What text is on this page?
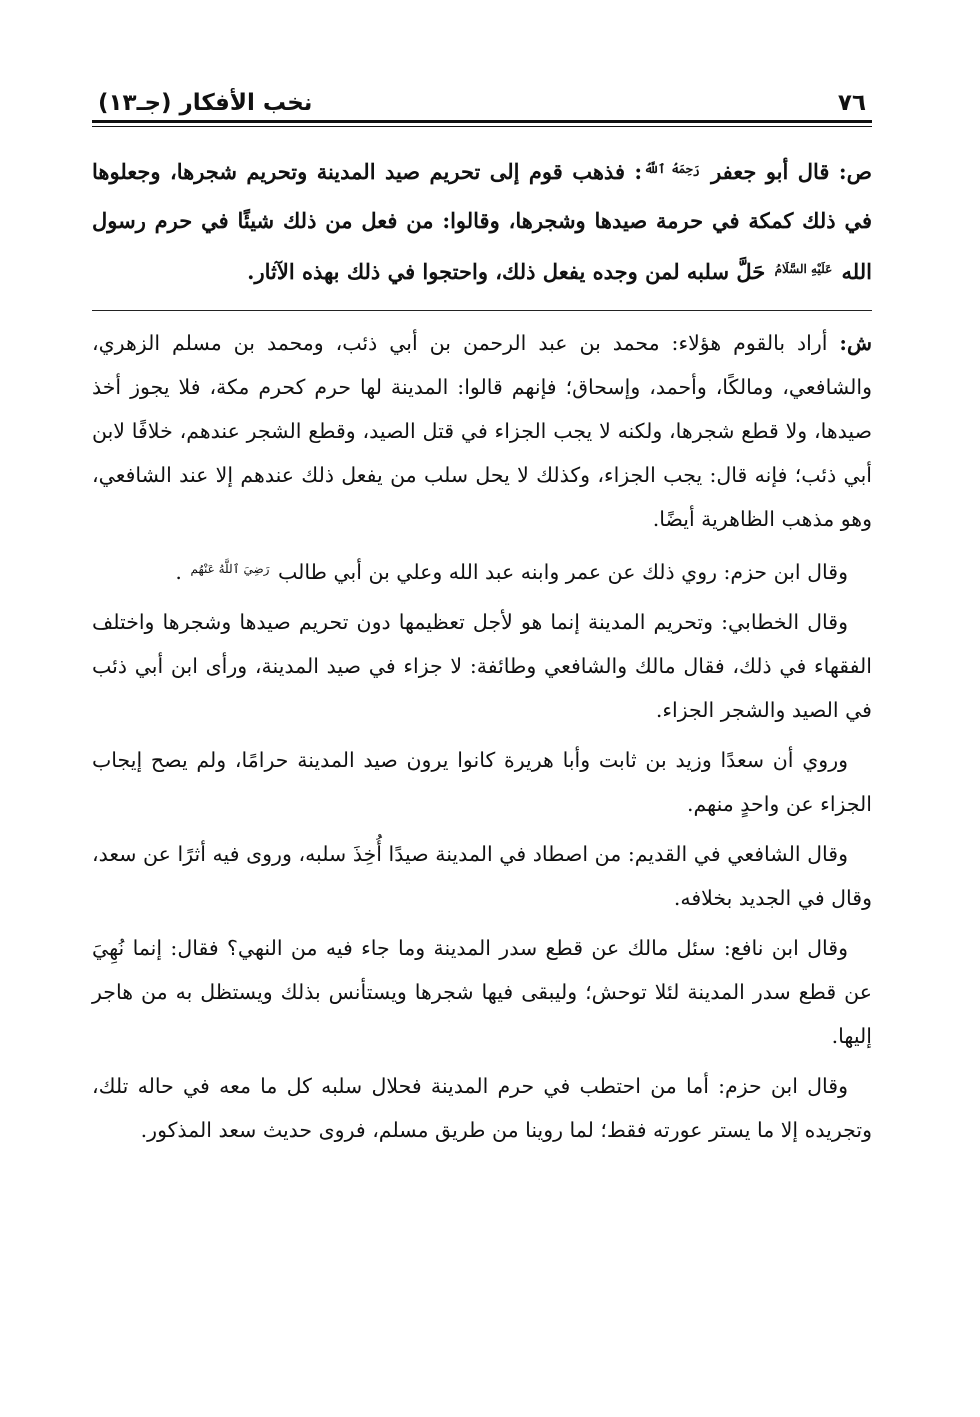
٧٦
نخب الأفكار (جـ١٣)

ص: قال أبو جعفر $^{رَحِمَهُ ٱللَّهُ}$: فذهب قوم إلى تحريم صيد المدينة وتحريم شجرها، وجعلوها في ذلك كمكة في حرمة صيدها وشجرها، وقالوا: من فعل من ذلك شيئًا في حرم رسول الله $^{عَلَيْهِ السَّلَامُ}$ حَلَّ سلبه لمن وجده يفعل ذلك، واحتجوا في ذلك بهذه الآثار.

ش: أراد بالقوم هؤلاء: محمد بن عبد الرحمن بن أبي ذئب، ومحمد بن مسلم الزهري، والشافعي، ومالكًا، وأحمد، وإسحاق؛ فإنهم قالوا: المدينة لها حرم كحرم مكة، فلا يجوز أخذ صيدها، ولا قطع شجرها، ولكنه لا يجب الجزاء في قتل الصيد، وقطع الشجر عندهم، خلافًا لابن أبي ذئب؛ فإنه قال: يجب الجزاء، وكذلك لا يحل سلب من يفعل ذلك عندهم إلا عند الشافعي، وهو مذهب الظاهرية أيضًا.

وقال ابن حزم: روي ذلك عن عمر وابنه عبد الله وعلي بن أبي طالب $^{رَضِيَ ٱللَّهُ عَنْهُم}$ .

وقال الخطابي: وتحريم المدينة إنما هو لأجل تعظيمها دون تحريم صيدها وشجرها واختلف الفقهاء في ذلك، فقال مالك والشافعي وطائفة: لا جزاء في صيد المدينة، ورأى ابن أبي ذئب في الصيد والشجر الجزاء.

وروي أن سعدًا وزيد بن ثابت وأبا هريرة كانوا يرون صيد المدينة حرامًا، ولم يصح إيجاب الجزاء عن واحدٍ منهم.

وقال الشافعي في القديم: من اصطاد في المدينة صيدًا أُخِذَ سلبه، وروى فيه أثرًا عن سعد، وقال في الجديد بخلافه.

وقال ابن نافع: سئل مالك عن قطع سدر المدينة وما جاء فيه من النهي؟ فقال: إنما نُهِيَ عن قطع سدر المدينة لئلا توحش؛ وليبقى فيها شجرها ويستأنس بذلك ويستظل به من هاجر إليها.

وقال ابن حزم: أما من احتطب في حرم المدينة فحلال سلبه كل ما معه في حاله تلك، وتجريده إلا ما يستر عورته فقط؛ لما روينا من طريق مسلم، فروى حديث سعد المذكور.
